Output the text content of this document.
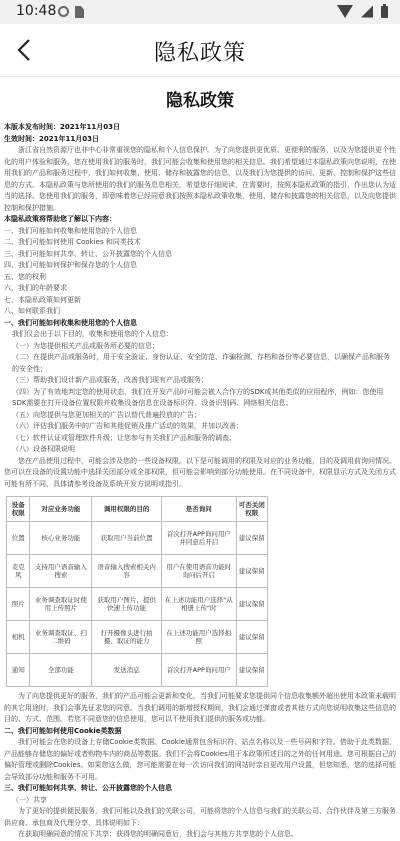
10:48
隐私政策
隐私政策
本版本发布时间：2021年11月03日
生效时间：2021年11月03日

浙江省自然资源厅也非中心非常重视您的隐私和个人信息保护。为了向您提供更优质、更便利的服务，以及为您提供更个性化的用户体验和服务，您在使用我们的服务时，我们可能会收集和使用您的相关信息。我们希望通过本隐私政策向您说明，在使用我们的产品和服务过程中，我们如何收集、使用、储存和披露您的信息，以及我们为您提供的访问、更新、控制和保护这些信息的方式。本隐私政策与您所使用的我们的服务息息相关，希望您仔细阅读，在需要时，按照本隐私政策的指引，作出您认为适当的选择。您使用我们的服务，即意味着您已经同意我们按照本隐私政策收集、使用、储存和披露您的相关信息，以及向您提供控制和保护措施。

本隐私政策将帮助您了解以下内容：

一、我们可能如何收集和使用您的个人信息

二、我们可能如何使用 Cookies 和同类技术

三、我们可能如何共享、转让、公开披露您的个人信息

四、我们可能如何保护和保存您的个人信息

五、您的权利

六、我们的年龄要求

七、本隐私政策如何更新

八、如何联系我们

一、我们可能如何收集和使用您的个人信息

我们仅会出于以下目的，收集和使用您的个人信息：

（一）为您提供相关产品或服务所必要的信息；

（二）在提供产品或服务时，用于安全验证、身份认证、安全防范、诈骗检测、存档和备份等必要信息，以确保产品和服务的安全性；

（三）帮助我们设计新产品或服务，改善我们现有产品或服务；

（四）为了有效地判定您的使用状态，我们在开发产品时可能会嵌入合作方的SDK或其他类似的应用程序，例如：您使用SDK需要在打开设备位置权限并收集设备信息在设备标识符、设备识别码、网络相关信息；

（五）向您提供与您更加相关的广告以替代普遍投放的广告；

（六）评估我们服务中的广告和其他促销及推广活动的效果，并加以改善；

（七）软件认证或管理软件升级；让您参与有关我们产品和服务的调查；

（八）设备权限说明

您在产品使用过程中，可能会涉及您的一些设备权限。以下是可能调用的权限及对应的业务功能，目的及调用前询问情况。您可以在设备的设置功能中选择关闭部分或全部权限，但可能会影响到部分功能使用。在不同设备中，权限显示方式及关闭方式可能有所不同，具体请参考设备及系统开发方说明或指引。

设备权限	对应业务功能	调用权限的目的	是否询问	可否关闭权限
位置	核心业务功能	获取用户当前位置	首次打开APP询问用户并同意后开启	建议保留
麦克风	支持用户语音输入搜索	语音输入搜索相关内容	用户在使用语音功能时询问后开启	建议保留
照片	业务调查取证时使用上传照片	获取用户图片，提供快速上传功能	在上述功能用户选择"从相册上传"时	建议保留
相机	业务调查取证、扫二维码	打开摄像头进行拍摄、取证的能力	在上述功能用户选择拍照	建议保留
通知	全部功能	发送消息	首次打开APP询问用户	建议保留

为了向您提供更好的服务，我们的产品可能会更新和变化，当我们可能要求您提供同个信息收集额外超出使用本政策未载明的其它用途时，我们会事先征求您的同意。当我们调用的新增授权期间，我们会通过弹窗或者其他方式向您说明收集这些信息的目的、方式、范围。若您不同意您的信息使用，您可以不使用我们提供的服务或功能。

二、我们可能如何使用Cookie类数据

我们可能会在您的设备上存储Cookie类数据。Cookie通常包含标识符、站点名称以及一些号码和字符。借助于此类数据，产品能够存储您的偏好或者购物车内的商品等数据。我们不会将Cookies用于本政策所述目的之外的任何用途。您可根据自己的偏好管理或删除Cookies。如果您这么做，您可能需要在每一次访问我们的网站时亲自更改用户设置，但您知悉，您的选择可能会导致部分功能和服务不可用。

三、我们可能如何共享、转让、公开披露您的个人信息

（一）共享

为了更好的提供便民服务，我们可能以及我们的关联公司，可能将您的个人信息与我们的关联公司、合作伙伴及第三方服务供应商、承包商及代理分享，具体说明如下：

在获取明确同意的情况下共享：获得您的明确同意后，我们会与其他方共享您的个人信息。
